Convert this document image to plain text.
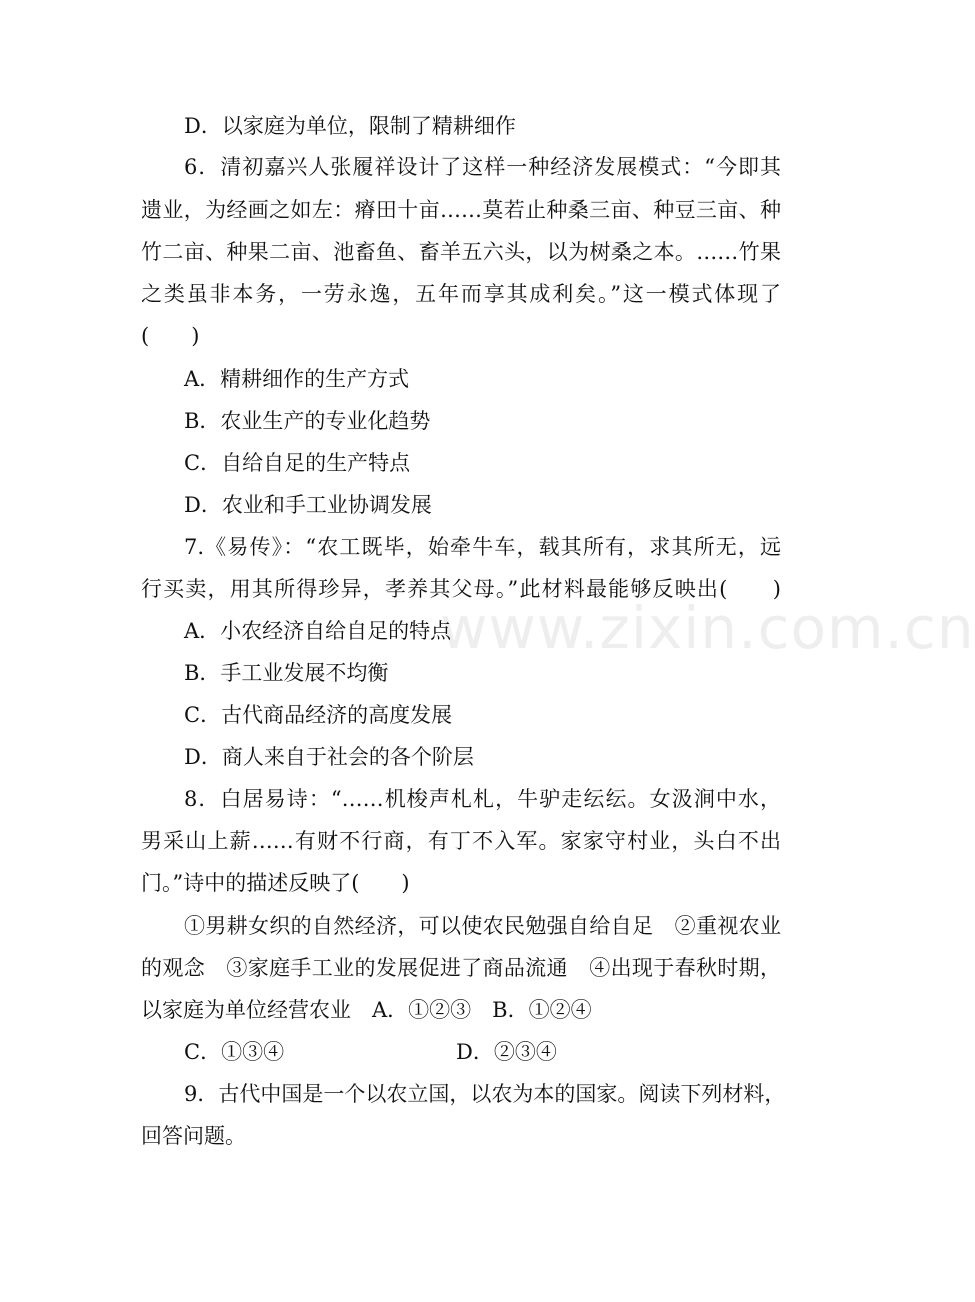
www.zixin.com.cn
D．以家庭为单位，限制了精耕细作
6．清初嘉兴人张履祥设计了这样一种经济发展模式：“今即其
遗业，为经画之如左：瘠田十亩……莫若止种桑三亩、种豆三亩、种
竹二亩、种果二亩、池畜鱼、畜羊五六头，以为树桑之本。……竹果
之类虽非本务，一劳永逸，五年而享其成利矣。”这一模式体现了
(　　)
A．精耕细作的生产方式
B．农业生产的专业化趋势
C．自给自足的生产特点
D．农业和手工业协调发展
7.《易传》：“农工既毕，始牵牛车，载其所有，求其所无，远
行买卖，用其所得珍异，孝养其父母。”此材料最能够反映出(　　)
A．小农经济自给自足的特点
B．手工业发展不均衡
C．古代商品经济的高度发展
D．商人来自于社会的各个阶层
8．白居易诗：“……机梭声札札，牛驴走纭纭。女汲涧中水，
男采山上薪……有财不行商，有丁不入军。家家守村业，头白不出
门。”诗中的描述反映了(　　)
①男耕女织的自然经济，可以使农民勉强自给自足　②重视农业
的观念　③家庭手工业的发展促进了商品流通　④出现于春秋时期，
以家庭为单位经营农业　A．①②③　B．①②④
C．①③④	D．②③④
9．古代中国是一个以农立国，以农为本的国家。阅读下列材料，
回答问题。
